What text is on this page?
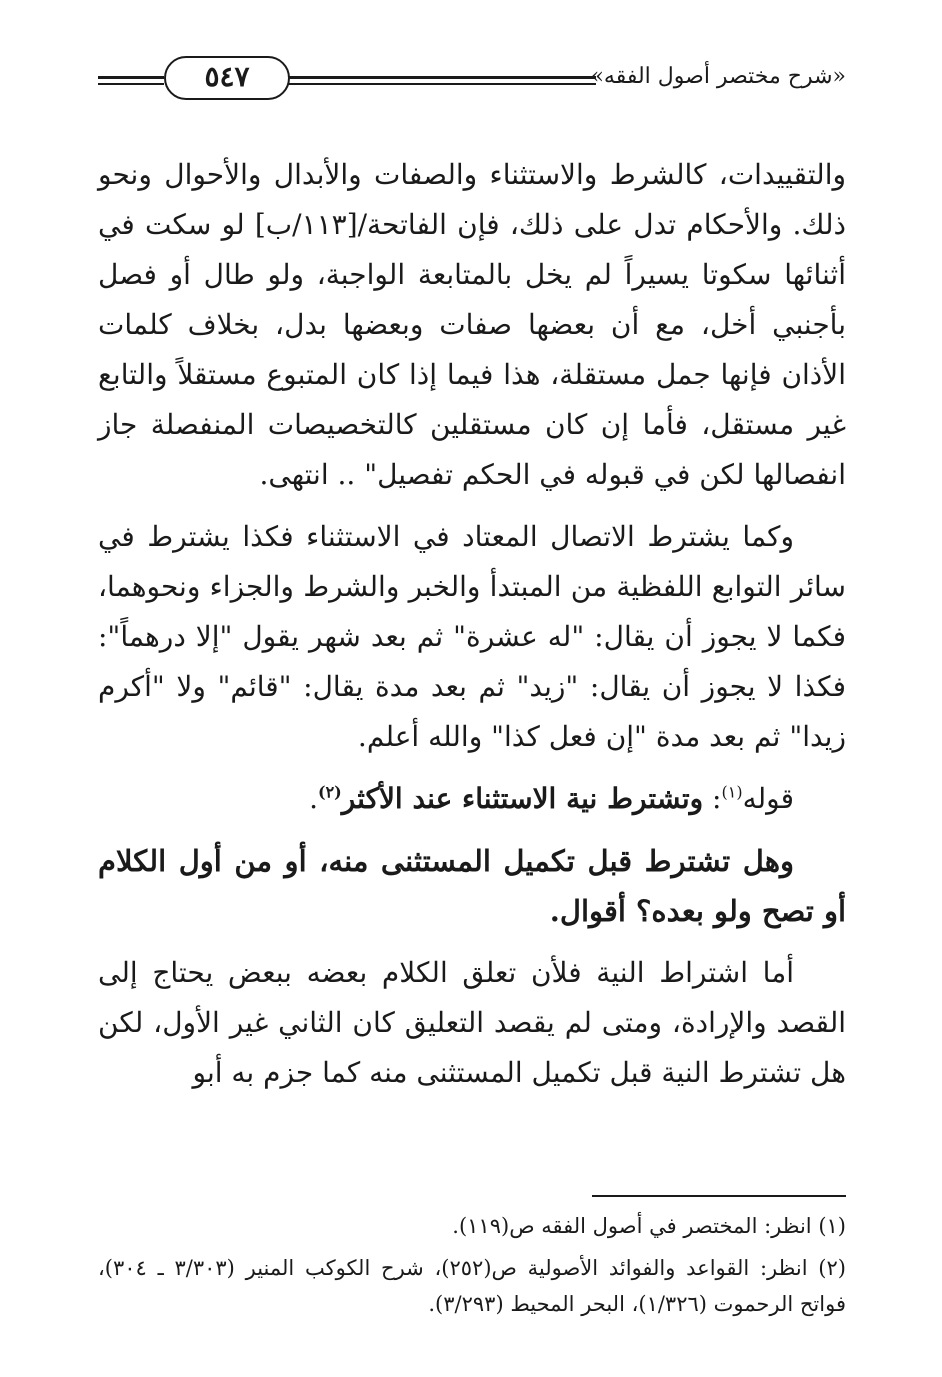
٥٤٧	«شرح مختصر أصول الفقه»

والتقييدات، كالشرط والاستثناء والصفات والأبدال والأحوال ونحو ذلك. والأحكام تدل على ذلك، فإن الفاتحة/[١١٣/ب] لو سكت في أثنائها سكوتا يسيراً لم يخل بالمتابعة الواجبة، ولو طال أو فصل بأجنبي أخل، مع أن بعضها صفات وبعضها بدل، بخلاف كلمات الأذان فإنها جمل مستقلة، هذا فيما إذا كان المتبوع مستقلاً والتابع غير مستقل، فأما إن كان مستقلين كالتخصيصات المنفصلة جاز انفصالها لكن في قبوله في الحكم تفصيل" .. انتهى.

وكما يشترط الاتصال المعتاد في الاستثناء فكذا يشترط في سائر التوابع اللفظية من المبتدأ والخبر والشرط والجزاء ونحوهما، فكما لا يجوز أن يقال: "له عشرة" ثم بعد شهر يقول "إلا درهماً": فكذا لا يجوز أن يقال: "زيد" ثم بعد مدة يقال: "قائم" ولا "أكرم زيدا" ثم بعد مدة "إن فعل كذا" والله أعلم.

قوله$^{(١)}$: وتشترط نية الاستثناء عند الأكثر$^{(٢)}$.

وهل تشترط قبل تكميل المستثنى منه، أو من أول الكلام أو تصح ولو بعده؟ أقوال.

أما اشتراط النية فلأن تعلق الكلام بعضه ببعض يحتاج إلى القصد والإرادة، ومتى لم يقصد التعليق كان الثاني غير الأول، لكن هل تشترط النية قبل تكميل المستثنى منه كما جزم به أبو

(١) انظر: المختصر في أصول الفقه ص(١١٩).

(٢) انظر: القواعد والفوائد الأصولية ص(٢٥٢)، شرح الكوكب المنير (٣/٣٠٣ ـ ٣٠٤)، فواتح الرحموت (١/٣٢٦)، البحر المحيط (٣/٢٩٣).
